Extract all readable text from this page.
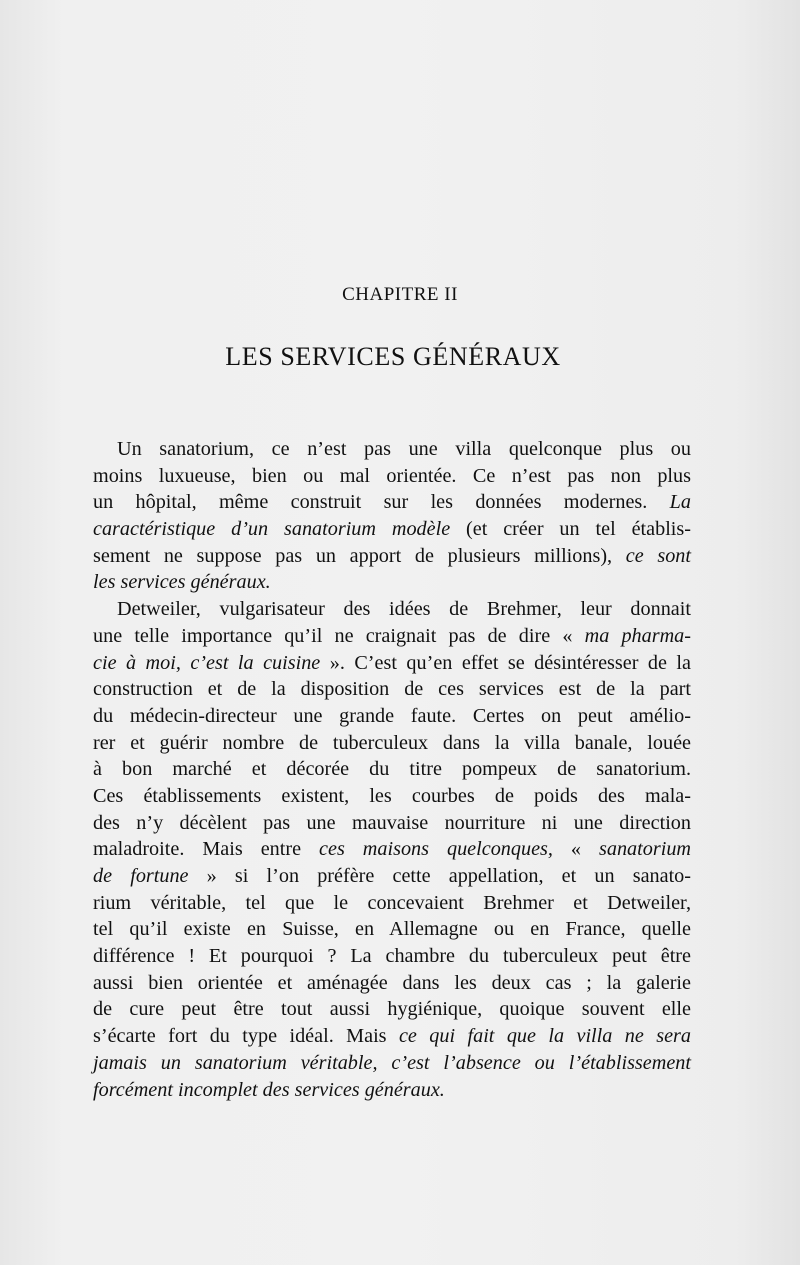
CHAPITRE II
LES SERVICES GÉNÉRAUX
Un sanatorium, ce n’est pas une villa quelconque plus ou
moins luxueuse, bien ou mal orientée. Ce n’est pas non plus
un hôpital, même construit sur les données modernes. La
caractéristique d’un sanatorium modèle (et créer un tel établis-
sement ne suppose pas un apport de plusieurs millions), ce sont
les services généraux.
Detweiler, vulgarisateur des idées de Brehmer, leur donnait
une telle importance qu’il ne craignait pas de dire « ma pharma-
cie à moi, c’est la cuisine ». C’est qu’en effet se désintéresser de la
construction et de la disposition de ces services est de la part
du médecin-directeur une grande faute. Certes on peut amélio-
rer et guérir nombre de tuberculeux dans la villa banale, louée
à bon marché et décorée du titre pompeux de sanatorium.
Ces établissements existent, les courbes de poids des mala-
des n’y décèlent pas une mauvaise nourriture ni une direction
maladroite. Mais entre ces maisons quelconques, « sanatorium
de fortune » si l’on préfère cette appellation, et un sanato-
rium véritable, tel que le concevaient Brehmer et Detweiler,
tel qu’il existe en Suisse, en Allemagne ou en France, quelle
différence ! Et pourquoi ? La chambre du tuberculeux peut être
aussi bien orientée et aménagée dans les deux cas ; la galerie
de cure peut être tout aussi hygiénique, quoique souvent elle
s’écarte fort du type idéal. Mais ce qui fait que la villa ne sera
jamais un sanatorium véritable, c’est l’absence ou l’établissement
forcément incomplet des services généraux.
